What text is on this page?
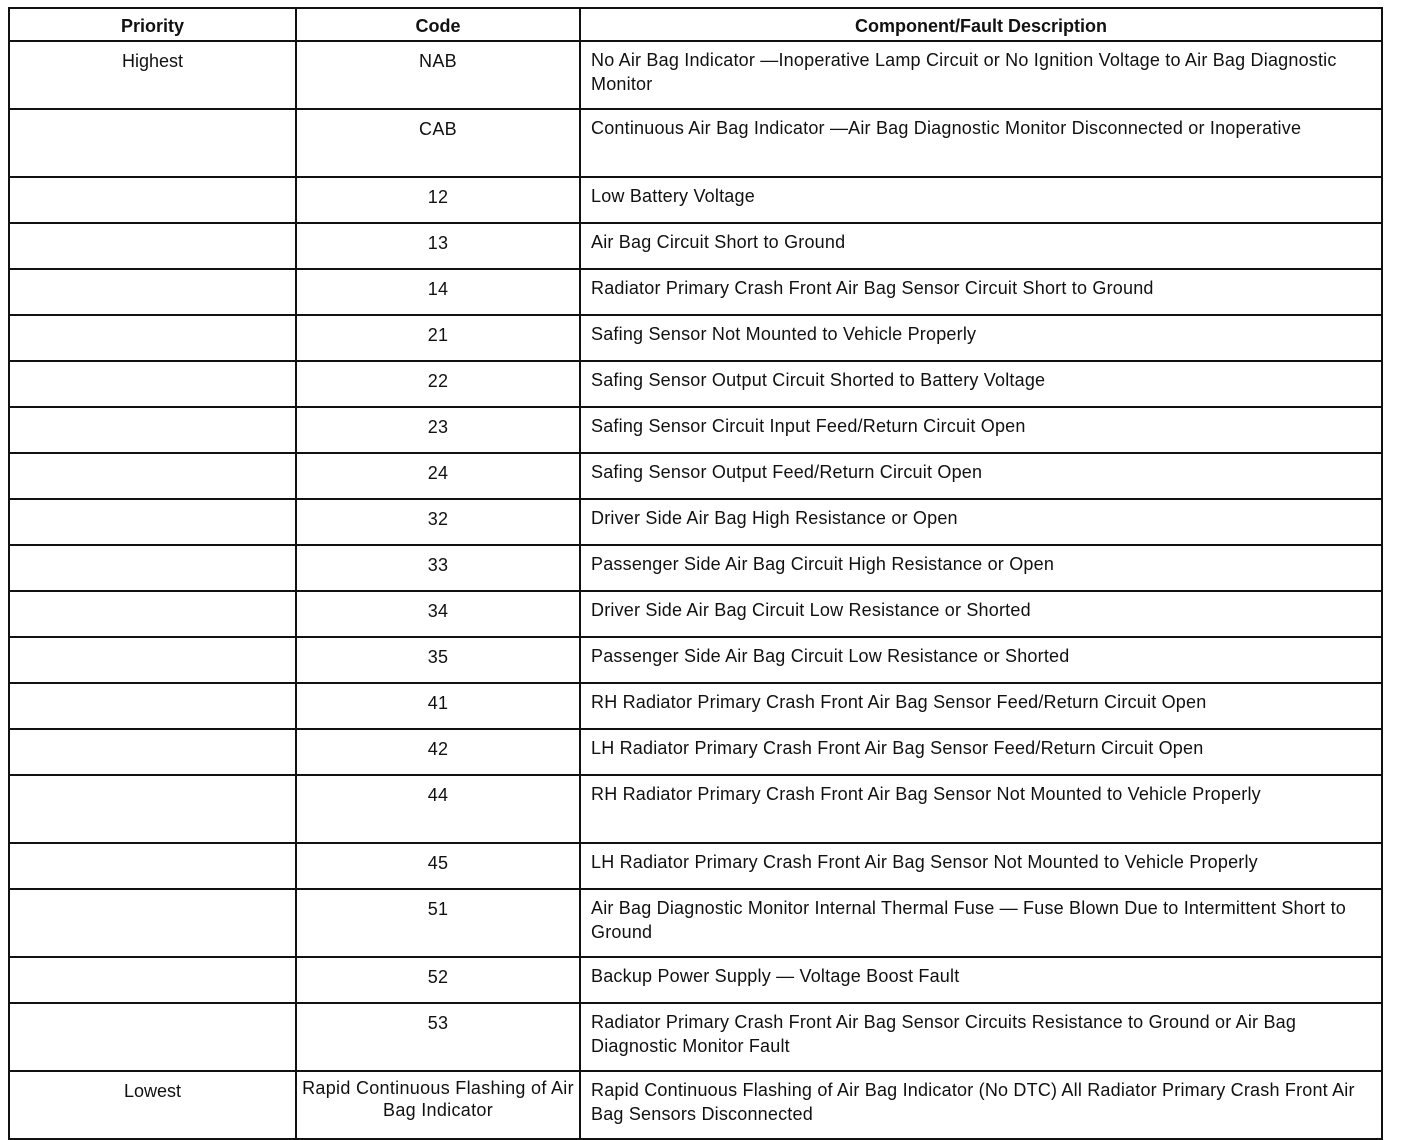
Priority	Code	Component/Fault Description
Highest	NAB	No Air Bag Indicator —Inoperative Lamp Circuit or No Ignition Voltage to Air Bag Diagnostic Monitor
	CAB	Continuous Air Bag Indicator —Air Bag Diagnostic Monitor Disconnected or Inoperative
	12	Low Battery Voltage
	13	Air Bag Circuit Short to Ground
	14	Radiator Primary Crash Front Air Bag Sensor Circuit Short to Ground
	21	Safing Sensor Not Mounted to Vehicle Properly
	22	Safing Sensor Output Circuit Shorted to Battery Voltage
	23	Safing Sensor Circuit Input Feed/Return Circuit Open
	24	Safing Sensor Output Feed/Return Circuit Open
	32	Driver Side Air Bag High Resistance or Open
	33	Passenger Side Air Bag Circuit High Resistance or Open
	34	Driver Side Air Bag Circuit Low Resistance or Shorted
	35	Passenger Side Air Bag Circuit Low Resistance or Shorted
	41	RH Radiator Primary Crash Front Air Bag Sensor Feed/Return Circuit Open
	42	LH Radiator Primary Crash Front Air Bag Sensor Feed/Return Circuit Open
	44	RH Radiator Primary Crash Front Air Bag Sensor Not Mounted to Vehicle Properly
	45	LH Radiator Primary Crash Front Air Bag Sensor Not Mounted to Vehicle Properly
	51	Air Bag Diagnostic Monitor Internal Thermal Fuse — Fuse Blown Due to Intermittent Short to Ground
	52	Backup Power Supply — Voltage Boost Fault
	53	Radiator Primary Crash Front Air Bag Sensor Circuits Resistance to Ground or Air Bag Diagnostic Monitor Fault
Lowest	Rapid Continuous Flashing of Air Bag Indicator	Rapid Continuous Flashing of Air Bag Indicator (No DTC) All Radiator Primary Crash Front Air Bag Sensors Disconnected
